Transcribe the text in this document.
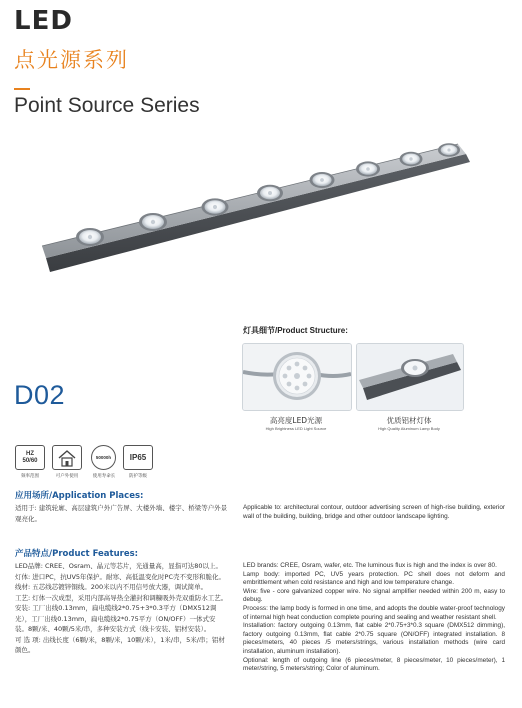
LED
点光源系列
Point Source Series
灯具细节/Product Structure:
高亮度LED光源
High Brightness LED Light Source
优质铝材灯体
High Quality Aluminum Lamp Body
D02
HZ
50/60
频率范围	可户外使用
50000h
使用寿命长
IP65
防护等级
应用场所/Application Places:
适用于: 建筑轮廓、高层建筑户外广告屏、大楼外墙、楼宇、桥梁等户外景观亮化。
Applicable to: architectural contour, outdoor advertising screen of high-rise building, exterior wall of the building, building, bridge and other outdoor landscape lighting.
产品特点/Product Features:
LED品牌: CREE、Osram、晶元等芯片，光通量高，显指可达80以上。
灯体: 进口PC，抗UV5年保护。耐寒、高低温变化时PC壳不变形和脆化。
线材: 五芯线芯镀锌铜线。200米以内不用信号放大器，调试简单。
工艺: 灯体一次成型，采用内部高导热全灌封和调糠吸外壳双重防水工艺。
安装: 工厂出线0.13mm，扁电缆线2*0.75+3*0.3平方（DMX512调光），工厂出线0.13mm，扁电缆线2*0.75平方（ON/OFF）一体式安装。8颗/米、40颗/5米/串，多种安装方式（线卡安装、铝材安装）。
可 选 项: 出线长度（6颗/米，8颗/米，10颗/米），1米/串，5米/串；铝材颜色。
LED brands: CREE, Osram, wafer, etc. The luminous flux is high and the index is over 80.
Lamp body: imported PC, UV5 years protection. PC shell does not deform and embrittlement when cold resistance and high and low temperature change.
Wire: five - core galvanized copper wire. No signal amplifier needed within 200 m, easy to debug.
Process: the lamp body is formed in one time, and adopts the double water-proof technology of internal high heat conduction complete pouring and sealing and weather resistant shell.
Installation: factory outgoing 0.13mm, flat cable 2*0.75+3*0.3 square (DMX512 dimming), factory outgoing 0.13mm, flat cable 2*0.75 square (ON/OFF) integrated installation. 8 pieces/meters, 40 pieces /5 meters/strings, various installation methods (wire card installation, aluminum installation).
Optional: length of outgoing line (6 pieces/meter, 8 pieces/meter, 10 pieces/meter), 1 meter/string, 5 meters/string; Color of aluminum.
